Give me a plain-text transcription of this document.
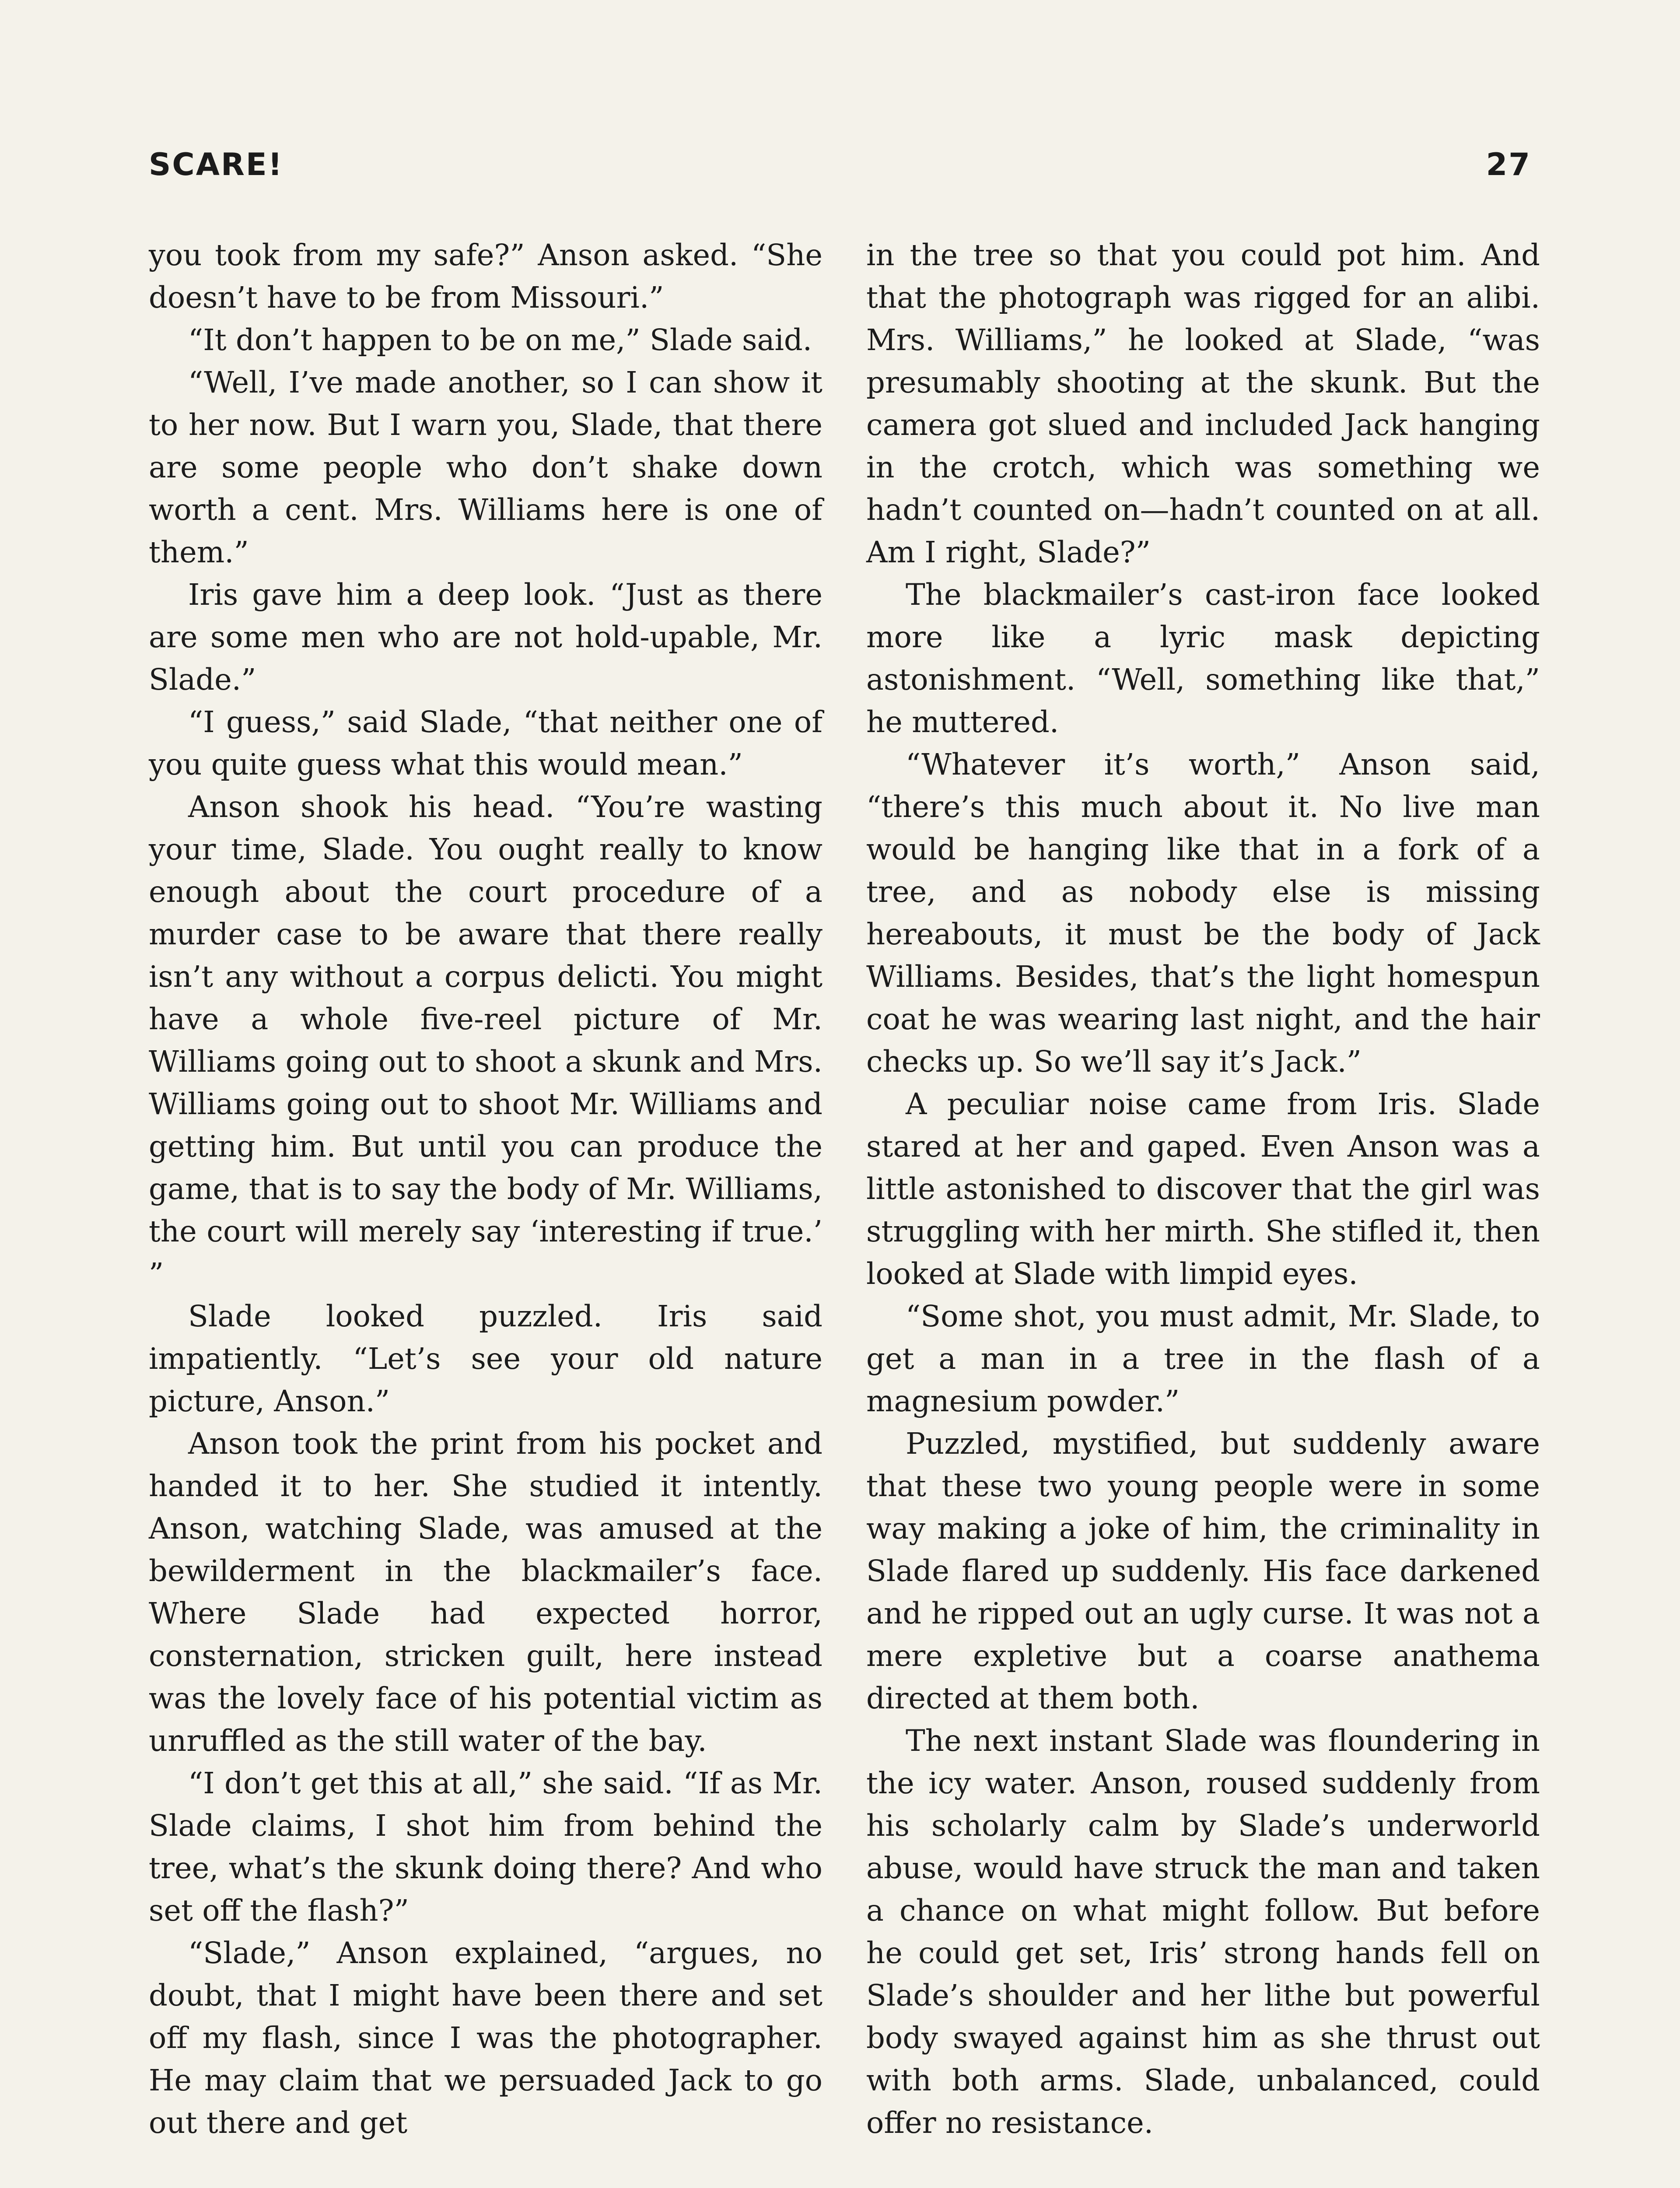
SCARE!	27

you took from my safe?” Anson asked. “She doesn’t have to be from Missouri.”

“It don’t happen to be on me,” Slade said.

“Well, I’ve made another, so I can show it to her now. But I warn you, Slade, that there are some people who don’t shake down worth a cent. Mrs. Williams here is one of them.”

Iris gave him a deep look. “Just as there are some men who are not hold-upable, Mr. Slade.”

“I guess,” said Slade, “that neither one of you quite guess what this would mean.”

Anson shook his head. “You’re wasting your time, Slade. You ought really to know enough about the court procedure of a murder case to be aware that there really isn’t any without a corpus delicti. You might have a whole five-reel picture of Mr. Williams going out to shoot a skunk and Mrs. Williams going out to shoot Mr. Williams and getting him. But until you can produce the game, that is to say the body of Mr. Williams, the court will merely say ‘interesting if true.’ ”

Slade looked puzzled. Iris said impatiently. “Let’s see your old nature picture, Anson.”

Anson took the print from his pocket and handed it to her. She studied it intently. Anson, watching Slade, was amused at the bewilderment in the blackmailer’s face. Where Slade had expected horror, consternation, stricken guilt, here instead was the lovely face of his potential victim as unruffled as the still water of the bay.

“I don’t get this at all,” she said. “If as Mr. Slade claims, I shot him from behind the tree, what’s the skunk doing there? And who set off the flash?”

“Slade,” Anson explained, “argues, no doubt, that I might have been there and set off my flash, since I was the photographer. He may claim that we persuaded Jack to go out there and get

in the tree so that you could pot him. And that the photograph was rigged for an alibi. Mrs. Williams,” he looked at Slade, “was presumably shooting at the skunk. But the camera got slued and included Jack hanging in the crotch, which was something we hadn’t counted on—hadn’t counted on at all. Am I right, Slade?”

The blackmailer’s cast-iron face looked more like a lyric mask depicting astonishment. “Well, something like that,” he muttered.

“Whatever it’s worth,” Anson said, “there’s this much about it. No live man would be hanging like that in a fork of a tree, and as nobody else is missing hereabouts, it must be the body of Jack Williams. Besides, that’s the light homespun coat he was wearing last night, and the hair checks up. So we’ll say it’s Jack.”

A peculiar noise came from Iris. Slade stared at her and gaped. Even Anson was a little astonished to discover that the girl was struggling with her mirth. She stifled it, then looked at Slade with limpid eyes.

“Some shot, you must admit, Mr. Slade, to get a man in a tree in the flash of a magnesium powder.”

Puzzled, mystified, but suddenly aware that these two young people were in some way making a joke of him, the criminality in Slade flared up suddenly. His face darkened and he ripped out an ugly curse. It was not a mere expletive but a coarse anathema directed at them both.

The next instant Slade was floundering in the icy water. Anson, roused suddenly from his scholarly calm by Slade’s underworld abuse, would have struck the man and taken a chance on what might follow. But before he could get set, Iris’ strong hands fell on Slade’s shoulder and her lithe but powerful body swayed against him as she thrust out with both arms. Slade, unbalanced, could offer no resistance.
